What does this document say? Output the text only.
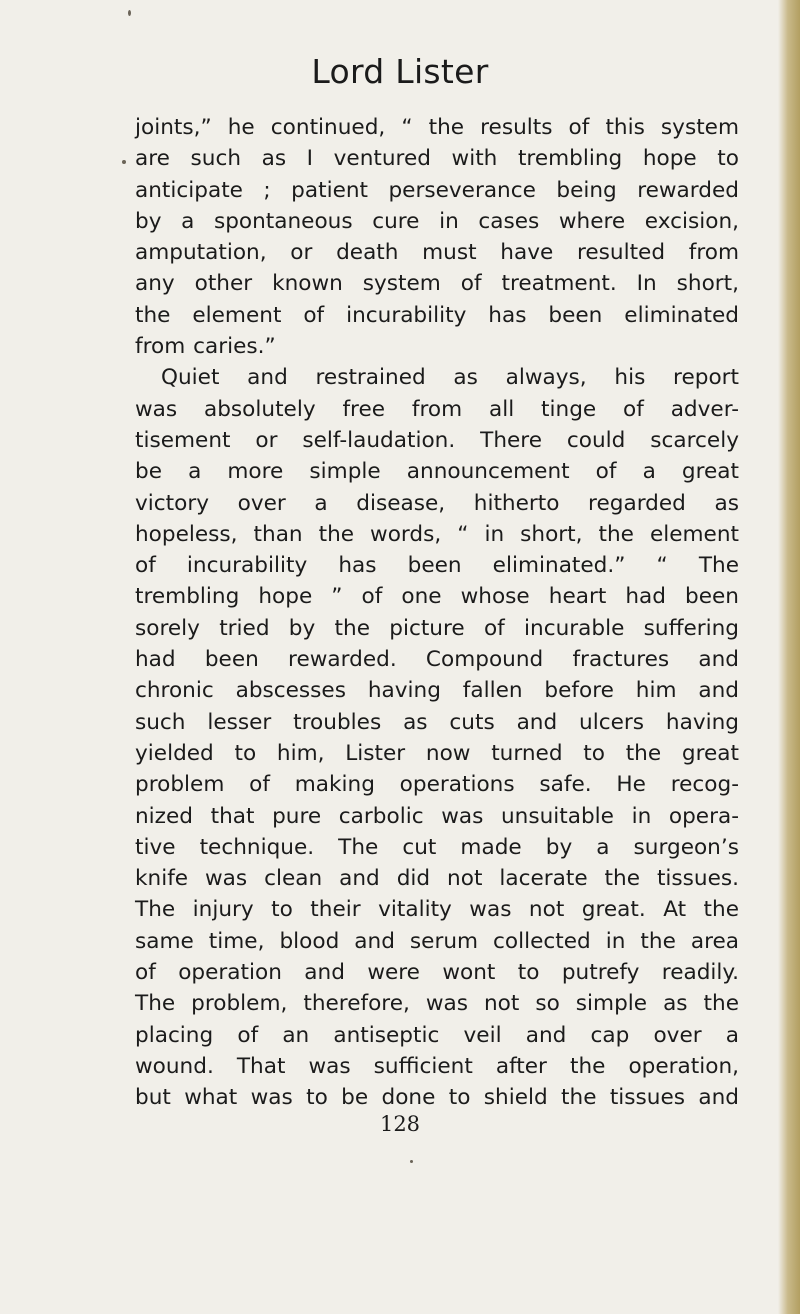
Lord Lister
joints,” he continued, “ the results of this system
are such as I ventured with trembling hope to
anticipate ; patient perseverance being rewarded
by a spontaneous cure in cases where excision,
amputation, or death must have resulted from
any other known system of treatment. In short,
the element of incurability has been eliminated
from caries.”
Quiet and restrained as always, his report
was absolutely free from all tinge of adver-
tisement or self-laudation. There could scarcely
be a more simple announcement of a great
victory over a disease, hitherto regarded as
hopeless, than the words, “ in short, the element
of incurability has been eliminated.” “ The
trembling hope ” of one whose heart had been
sorely tried by the picture of incurable suffering
had been rewarded. Compound fractures and
chronic abscesses having fallen before him and
such lesser troubles as cuts and ulcers having
yielded to him, Lister now turned to the great
problem of making operations safe. He recog-
nized that pure carbolic was unsuitable in opera-
tive technique. The cut made by a surgeon’s
knife was clean and did not lacerate the tissues.
The injury to their vitality was not great. At the
same time, blood and serum collected in the area
of operation and were wont to putrefy readily.
The problem, therefore, was not so simple as the
placing of an antiseptic veil and cap over a
wound. That was sufficient after the operation,
but what was to be done to shield the tissues and
128
